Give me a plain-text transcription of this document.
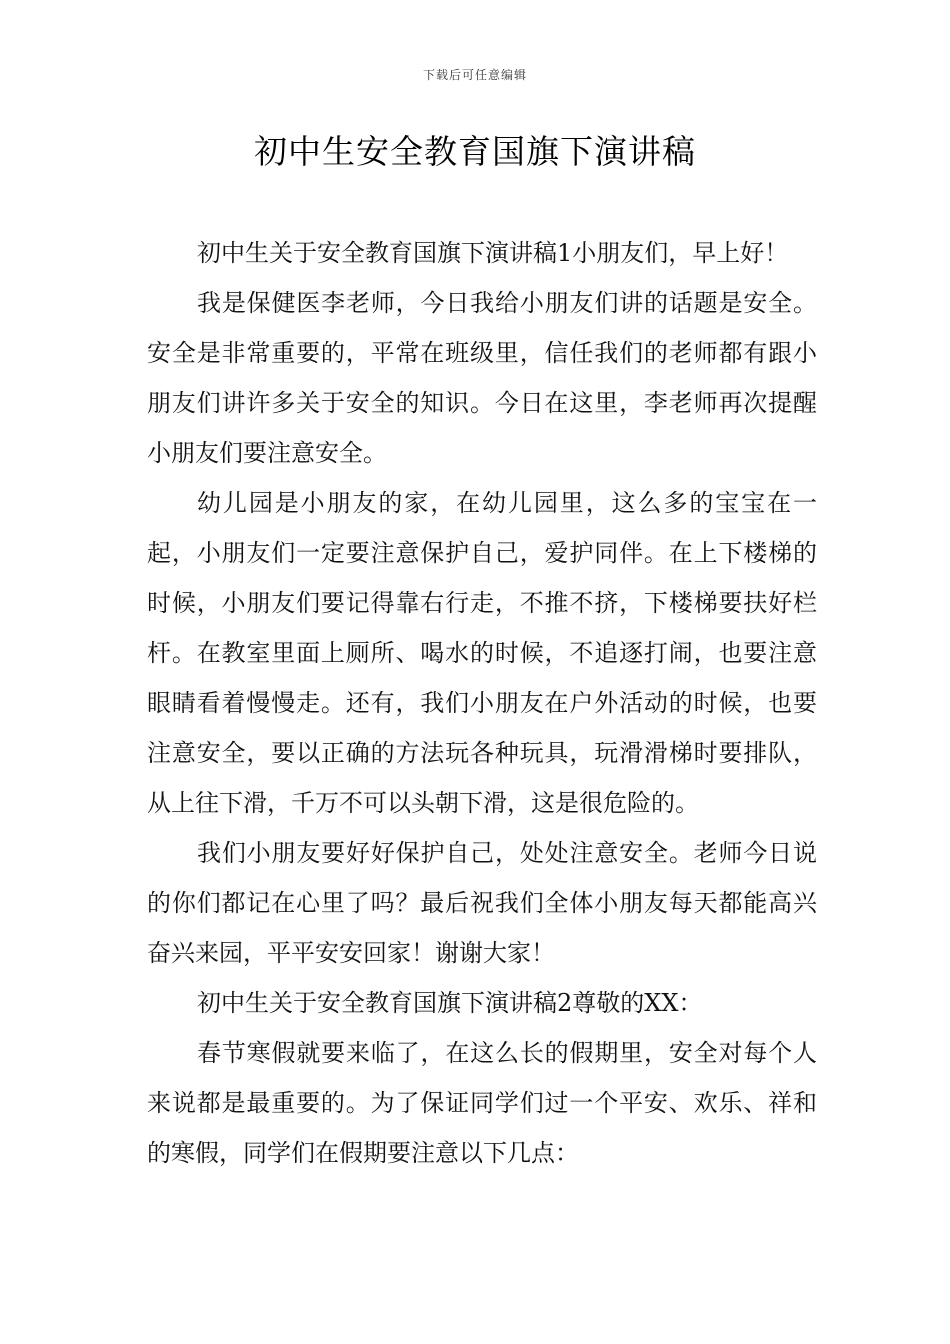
下载后可任意编辑
初中生安全教育国旗下演讲稿

初中生关于安全教育国旗下演讲稿1小朋友们，早上好！

我是保健医李老师，今日我给小朋友们讲的话题是安全。安全是非常重要的，平常在班级里，信任我们的老师都有跟小朋友们讲许多关于安全的知识。今日在这里，李老师再次提醒小朋友们要注意安全。

幼儿园是小朋友的家，在幼儿园里，这么多的宝宝在一起，小朋友们一定要注意保护自己，爱护同伴。在上下楼梯的时候，小朋友们要记得靠右行走，不推不挤，下楼梯要扶好栏杆。在教室里面上厕所、喝水的时候，不追逐打闹，也要注意眼睛看着慢慢走。还有，我们小朋友在户外活动的时候，也要注意安全，要以正确的方法玩各种玩具，玩滑滑梯时要排队，从上往下滑，千万不可以头朝下滑，这是很危险的。

我们小朋友要好好保护自己，处处注意安全。老师今日说的你们都记在心里了吗？最后祝我们全体小朋友每天都能高兴奋兴来园，平平安安回家！谢谢大家！

初中生关于安全教育国旗下演讲稿2尊敬的XX：

春节寒假就要来临了，在这么长的假期里，安全对每个人来说都是最重要的。为了保证同学们过一个平安、欢乐、祥和的寒假，同学们在假期要注意以下几点：
